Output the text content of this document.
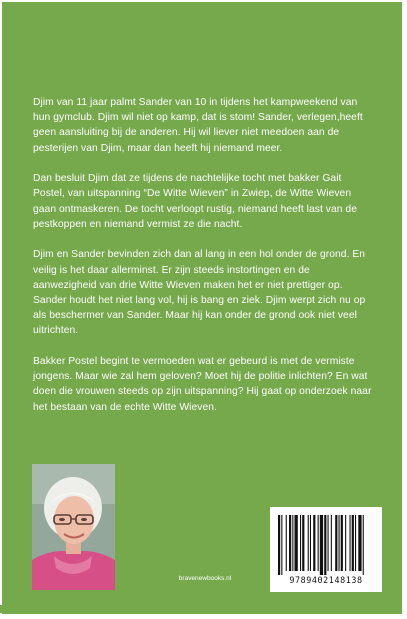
Djim van 11 jaar palmt Sander van 10 in tijdens het kampweekend van hun gymclub. Djim wil niet op kamp, dat is stom! Sander, verlegen,heeft geen aansluiting bij de anderen. Hij wil liever niet meedoen aan de pesterijen van Djim, maar dan heeft hij niemand meer.

Dan besluit Djim dat ze tijdens de nachtelijke tocht met bakker Gait Postel, van uitspanning “De Witte Wieven” in Zwiep, de Witte Wieven gaan ontmaskeren. De tocht verloopt rustig, niemand heeft last van de pestkoppen en niemand vermist ze die nacht.

Djim en Sander bevinden zich dan al lang in een hol onder de grond. En veilig is het daar allerminst. Er zijn steeds instortingen en de aanwezigheid van drie Witte Wieven maken het er niet prettiger op. Sander houdt het niet lang vol, hij is bang en ziek. Djim werpt zich nu op als beschermer van Sander. Maar hij kan onder de grond ook niet veel uitrichten.

Bakker Postel begint te vermoeden wat er gebeurd is met de vermiste jongens. Maar wie zal hem geloven? Moet hij de politie inlichten? En wat doen die vrouwen steeds op zijn uitspanning? Hij gaat op onderzoek naar het bestaan van de echte Witte Wieven.

bravenewbooks.nl	9789402148138
